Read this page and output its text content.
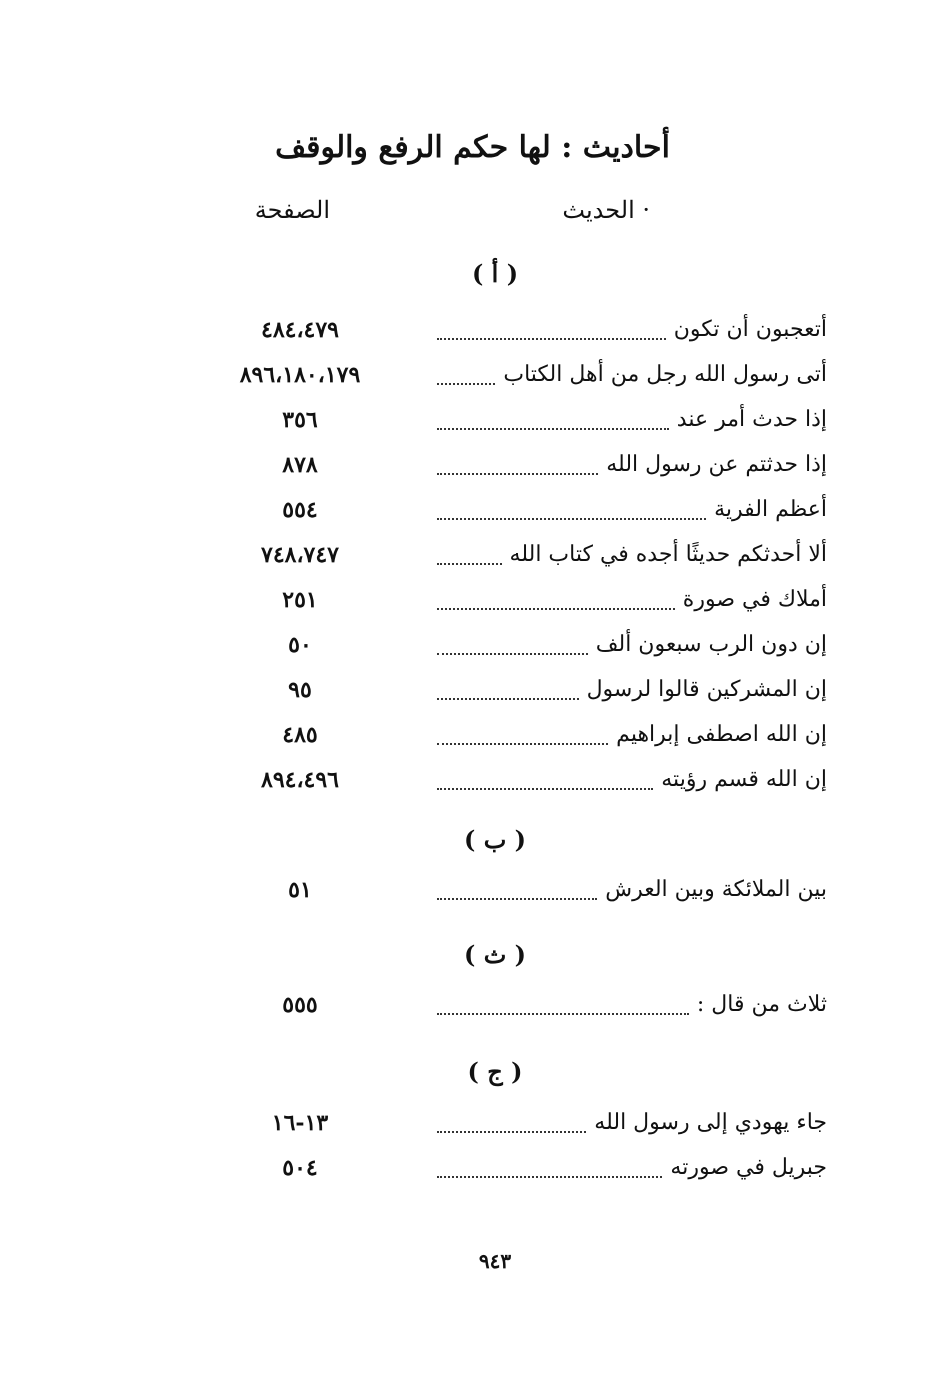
أحاديث : لها حكم الرفع والوقف
· الحديث
الصفحة
( أ )
أتعجبون أن تكون
٤٨٤،٤٧٩
أتى رسول الله رجل من أهل الكتاب
٨٩٦،١٨٠،١٧٩
إذا حدث أمر عند
٣٥٦
إذا حدثتم عن رسول الله
٨٧٨
أعظم الفرية
٥٥٤
ألا أحدثكم حديثًا أجده في كتاب الله
٧٤٨،٧٤٧
أملاك في صورة
٢٥١
إن دون الرب سبعون ألف
٥٠
إن المشركين قالوا لرسول
٩٥
إن الله اصطفى إبراهيم
٤٨٥
إن الله قسم رؤيته
٨٩٤،٤٩٦
( ب )
بين الملائكة وبين العرش
٥١
( ث )
ثلاث من قال :
٥٥٥
( ج )
جاء يهودي إلى رسول الله
١٣-١٦
جبريل في صورته
٥٠٤
٩٤٣
